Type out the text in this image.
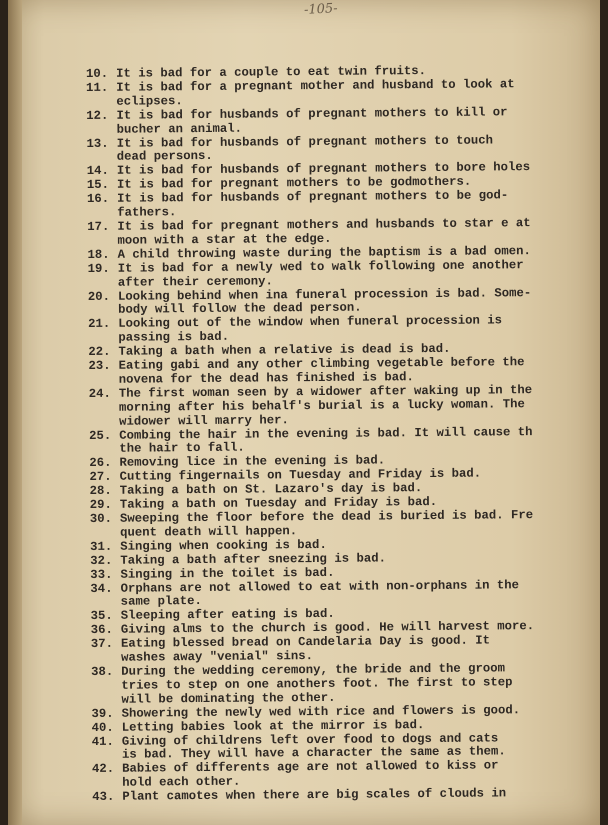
-105-
10. It is bad for a couple to eat twin fruits.
11. It is bad for a pregnant mother and husband to look at
eclipses.
12. It is bad for husbands of pregnant mothers to kill or
bucher an animal.
13. It is bad for husbands of pregnant mothers to touch
dead persons.
14. It is bad for husbands of pregnant mothers to bore holes
15. It is bad for pregnant mothers to be godmothers.
16. It is bad for husbands of pregnant mothers to be god-
fathers.
17. It is bad for pregnant mothers and husbands to star e at
moon with a star at the edge.
18. A child throwing waste during the baptism is a bad omen.
19. It is bad for a newly wed to walk following one another
after their ceremony.
20. Looking behind when ina funeral procession is bad. Some-
body will follow the dead person.
21. Looking out of the window when funeral procession is
passing is bad.
22. Taking a bath when a relative is dead is bad.
23. Eating gabi and any other climbing vegetable before the
novena for the dead has finished is bad.
24. The first woman seen by a widower after waking up in the
morning after his behalf's burial is a lucky woman. The
widower will marry her.
25. Combing the hair in the evening is bad. It will cause th
the hair to fall.
26. Removing lice in the evening is bad.
27. Cutting fingernails on Tuesday and Friday is bad.
28. Taking a bath on St. Lazaro's day is bad.
29. Taking a bath on Tuesday and Friday is bad.
30. Sweeping the floor before the dead is buried is bad. Fre
quent death will happen.
31. Singing when cooking is bad.
32. Taking a bath after sneezing is bad.
33. Singing in the toilet is bad.
34. Orphans are not allowed to eat with non-orphans in the
same plate.
35. Sleeping after eating is bad.
36. Giving alms to the church is good. He will harvest more.
37. Eating blessed bread on Candelaria Day is good. It
washes away "venial" sins.
38. During the wedding ceremony, the bride and the groom
tries to step on one anothers foot. The first to step
will be dominating the other.
39. Showering the newly wed with rice and flowers is good.
40. Letting babies look at the mirror is bad.
41. Giving of childrens left over food to dogs and cats
is bad. They will have a character the same as them.
42. Babies of differents age are not allowed to kiss or
hold each other.
43. Plant camotes when there are big scales of clouds in
